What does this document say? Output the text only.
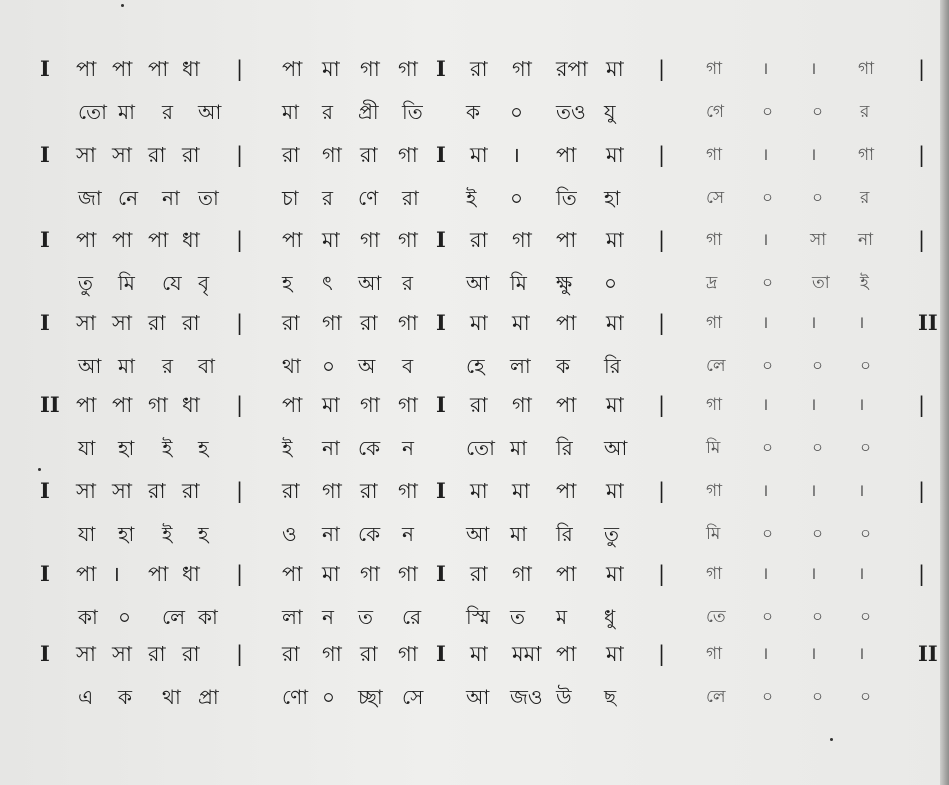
I পা পা পা ধা | পা মা গা গা I রা গা রপা মা | গা । । গা |
তো মা র আ	মা র প্রী তি ক ০ তও যু	গে ০ ০ র
I সা সা রা রা | রা গা রা গা I মা । পা মা | গা । । গা |
জা নে না তা	চা র ণে রা ই ০ তি হা	সে ০ ০ র
I পা পা পা ধা | পা মা গা গা I রা গা পা মা | গা । সা না |
তু মি যে বৃ	হ ৎ আ র	আ মি ক্ষু ০	দ্র	০ তা ই
I সা সা রা রা | রা গা রা গা I মা মা পা মা | গা । । ।	II
আ মা র বা	থা ০ অ ব	হে লা ক রি	লে ০ ০ ০
II পা পা গা ধা | পা মা গা গা I রা গা পা মা | গা । । ।	|
যা হা ই হ	ই না কে ন	তো মা রি আ	মি ০ ০ ০
I সা সা রা রা | রা গা রা গা I মা মা পা মা | গা । । ।	|
যা হা ই হ	ও না কে ন	আ মা রি তু	মি ০ ০ ০
I পা । পা ধা | পা মা গা গা I রা গা পা মা | গা । । ।	|
কা ০ লে কা	লা ন ত রে স্মি ত ম ধু	তে ০ ০ ০
I সা সা রা রা | রা গা রা গা I মা মমা পা মা | গা । । ।	II
এ ক থা প্রা	ণো ০ চ্ছা সে আ জও উ ছ	লে ০ ০ ০
